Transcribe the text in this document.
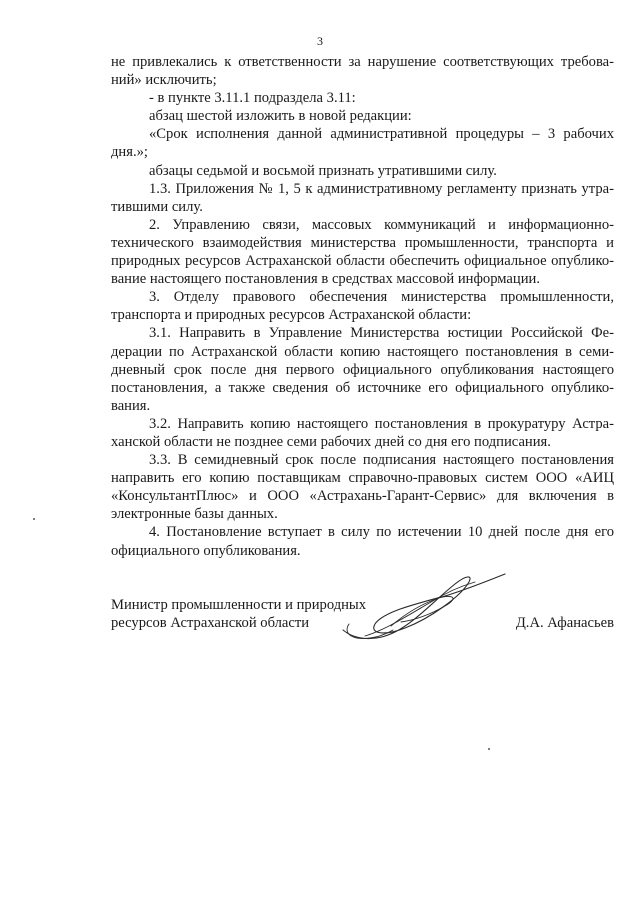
3

не привлекались к ответственности за нарушение соответствующих требова-ний» исключить;

- в пункте 3.11.1 подраздела 3.11:

абзац шестой изложить в новой редакции:

«Срок исполнения данной административной процедуры – 3 рабочих дня.»;

абзацы седьмой и восьмой признать утратившими силу.

1.3. Приложения № 1, 5 к административному регламенту признать утра-тившими силу.

2. Управлению связи, массовых коммуникаций и информационно-технического взаимодействия министерства промышленности, транспорта и природных ресурсов Астраханской области обеспечить официальное опублико-вание настоящего постановления в средствах массовой информации.

3. Отделу правового обеспечения министерства промышленности, транспорта и природных ресурсов Астраханской области:

3.1. Направить в Управление Министерства юстиции Российской Фе-дерации по Астраханской области копию настоящего постановления в семи-дневный срок после дня первого официального опубликования настоящего постановления, а также сведения об источнике его официального опублико-вания.

3.2. Направить копию настоящего постановления в прокуратуру Астра-ханской области не позднее семи рабочих дней со дня его подписания.

3.3. В семидневный срок после подписания настоящего постановления направить его копию поставщикам справочно-правовых систем ООО «АИЦ «КонсультантПлюс» и ООО «Астрахань-Гарант-Сервис» для включения в электронные базы данных.

4. Постановление вступает в силу по истечении 10 дней после дня его официального опубликования.

Министр промышленности и природных ресурсов Астраханской области	Д.А. Афанасьев
